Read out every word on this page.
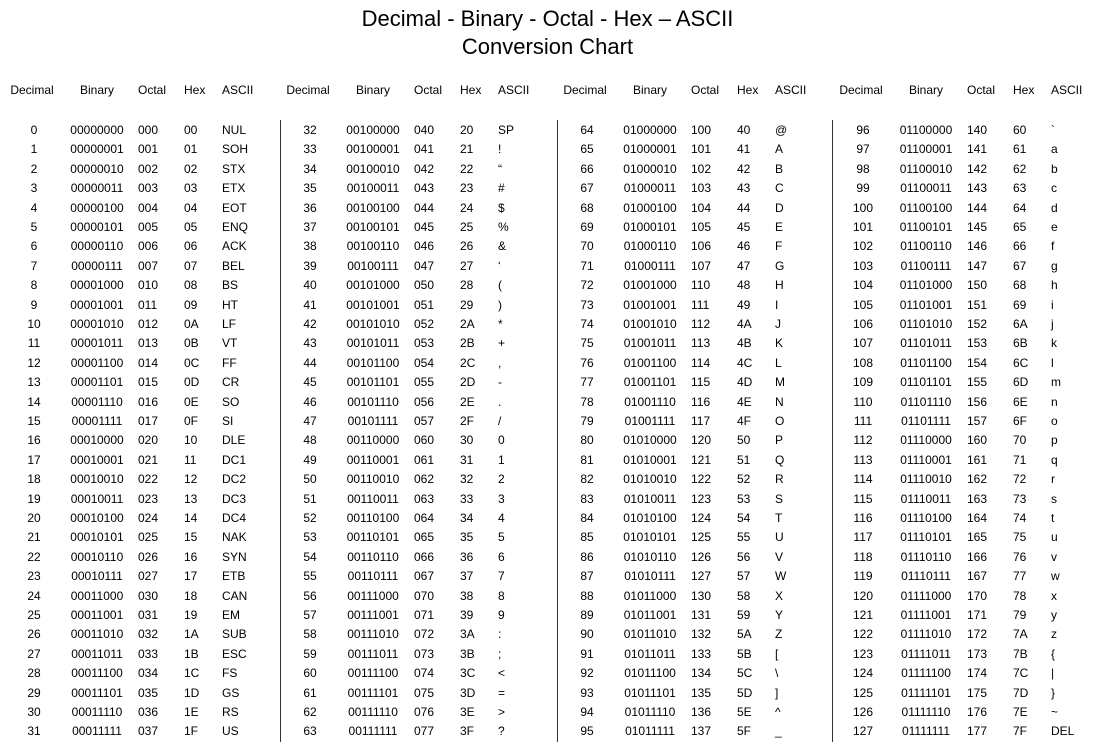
Decimal - Binary - Octal - Hex – ASCII
Conversion Chart
Decimal	Binary	Octal	Hex	ASCII
0	00000000 000	00	NUL
1	00000001 001	01	SOH
2	00000010 002	02	STX
3	00000011 003	03	ETX
4	00000100 004	04	EOT
5	00000101 005	05	ENQ
6	00000110 006	06	ACK
7	00000111 007	07	BEL
8	00001000 010	08	BS
9	00001001 011	09	HT
10	00001010 012	0A	LF
11	00001011 013	0B	VT
12	00001100 014	0C	FF
13	00001101 015	0D	CR
14	00001110 016	0E	SO
15	00001111 017	0F	SI
16	00010000 020	10	DLE
17	00010001 021	11	DC1
18	00010010 022	12	DC2
19	00010011 023	13	DC3
20	00010100 024	14	DC4
21	00010101 025	15	NAK
22	00010110 026	16	SYN
23	00010111 027	17	ETB
24	00011000 030	18	CAN
25	00011001 031	19	EM
26	00011010 032	1A	SUB
27	00011011 033	1B	ESC
28	00011100 034	1C	FS
29	00011101 035	1D	GS
30	00011110 036	1E	RS
31	00011111 037	1F	US
Decimal	Binary	Octal	Hex	ASCII
32	00100000 040	20	SP
33	00100001 041	21	!
34	00100010 042	22	“
35	00100011 043	23	#
36	00100100 044	24	$
37	00100101 045	25	%
38	00100110 046	26	&
39	00100111 047	27	‘
40	00101000 050	28	(
41	00101001 051	29	)
42	00101010 052	2A	*
43	00101011 053	2B	+
44	00101100 054	2C	,
45	00101101 055	2D	-
46	00101110 056	2E	.
47	00101111 057	2F	/
48	00110000 060	30	0
49	00110001 061	31	1
50	00110010 062	32	2
51	00110011 063	33	3
52	00110100 064	34	4
53	00110101 065	35	5
54	00110110 066	36	6
55	00110111 067	37	7
56	00111000 070	38	8
57	00111001 071	39	9
58	00111010 072	3A	:
59	00111011 073	3B	;
60	00111100 074	3C	<
61	00111101 075	3D	=
62	00111110 076	3E	>
63	00111111 077	3F	?
Decimal	Binary	Octal	Hex	ASCII
64	01000000 100	40	@
65	01000001 101	41	A
66	01000010 102	42	B
67	01000011 103	43	C
68	01000100 104	44	D
69	01000101 105	45	E
70	01000110 106	46	F
71	01000111 107	47	G
72	01001000 110	48	H
73	01001001 111	49	I
74	01001010 112	4A	J
75	01001011 113	4B	K
76	01001100 114	4C	L
77	01001101 115	4D	M
78	01001110 116	4E	N
79	01001111 117	4F	O
80	01010000 120	50	P
81	01010001 121	51	Q
82	01010010 122	52	R
83	01010011 123	53	S
84	01010100 124	54	T
85	01010101 125	55	U
86	01010110 126	56	V
87	01010111 127	57	W
88	01011000 130	58	X
89	01011001 131	59	Y
90	01011010 132	5A	Z
91	01011011 133	5B	[
92	01011100 134	5C	\
93	01011101 135	5D	]
94	01011110 136	5E	^
95	01011111 137	5F	_
Decimal	Binary	Octal	Hex	ASCII
96	01100000 140	60	`
97	01100001 141	61	a
98	01100010 142	62	b
99	01100011 143	63	c
100	01100100 144	64	d
101	01100101 145	65	e
102	01100110 146	66	f
103	01100111 147	67	g
104	01101000 150	68	h
105	01101001 151	69	i
106	01101010 152	6A	j
107	01101011 153	6B	k
108	01101100 154	6C	l
109	01101101 155	6D	m
110	01101110 156	6E	n
111	01101111 157	6F	o
112	01110000 160	70	p
113	01110001 161	71	q
114	01110010 162	72	r
115	01110011 163	73	s
116	01110100 164	74	t
117	01110101 165	75	u
118	01110110 166	76	v
119	01110111 167	77	w
120	01111000 170	78	x
121	01111001 171	79	y
122	01111010 172	7A	z
123	01111011 173	7B	{
124	01111100 174	7C	|
125	01111101 175	7D	}
126	01111110 176	7E	~
127	01111111 177	7F	DEL
